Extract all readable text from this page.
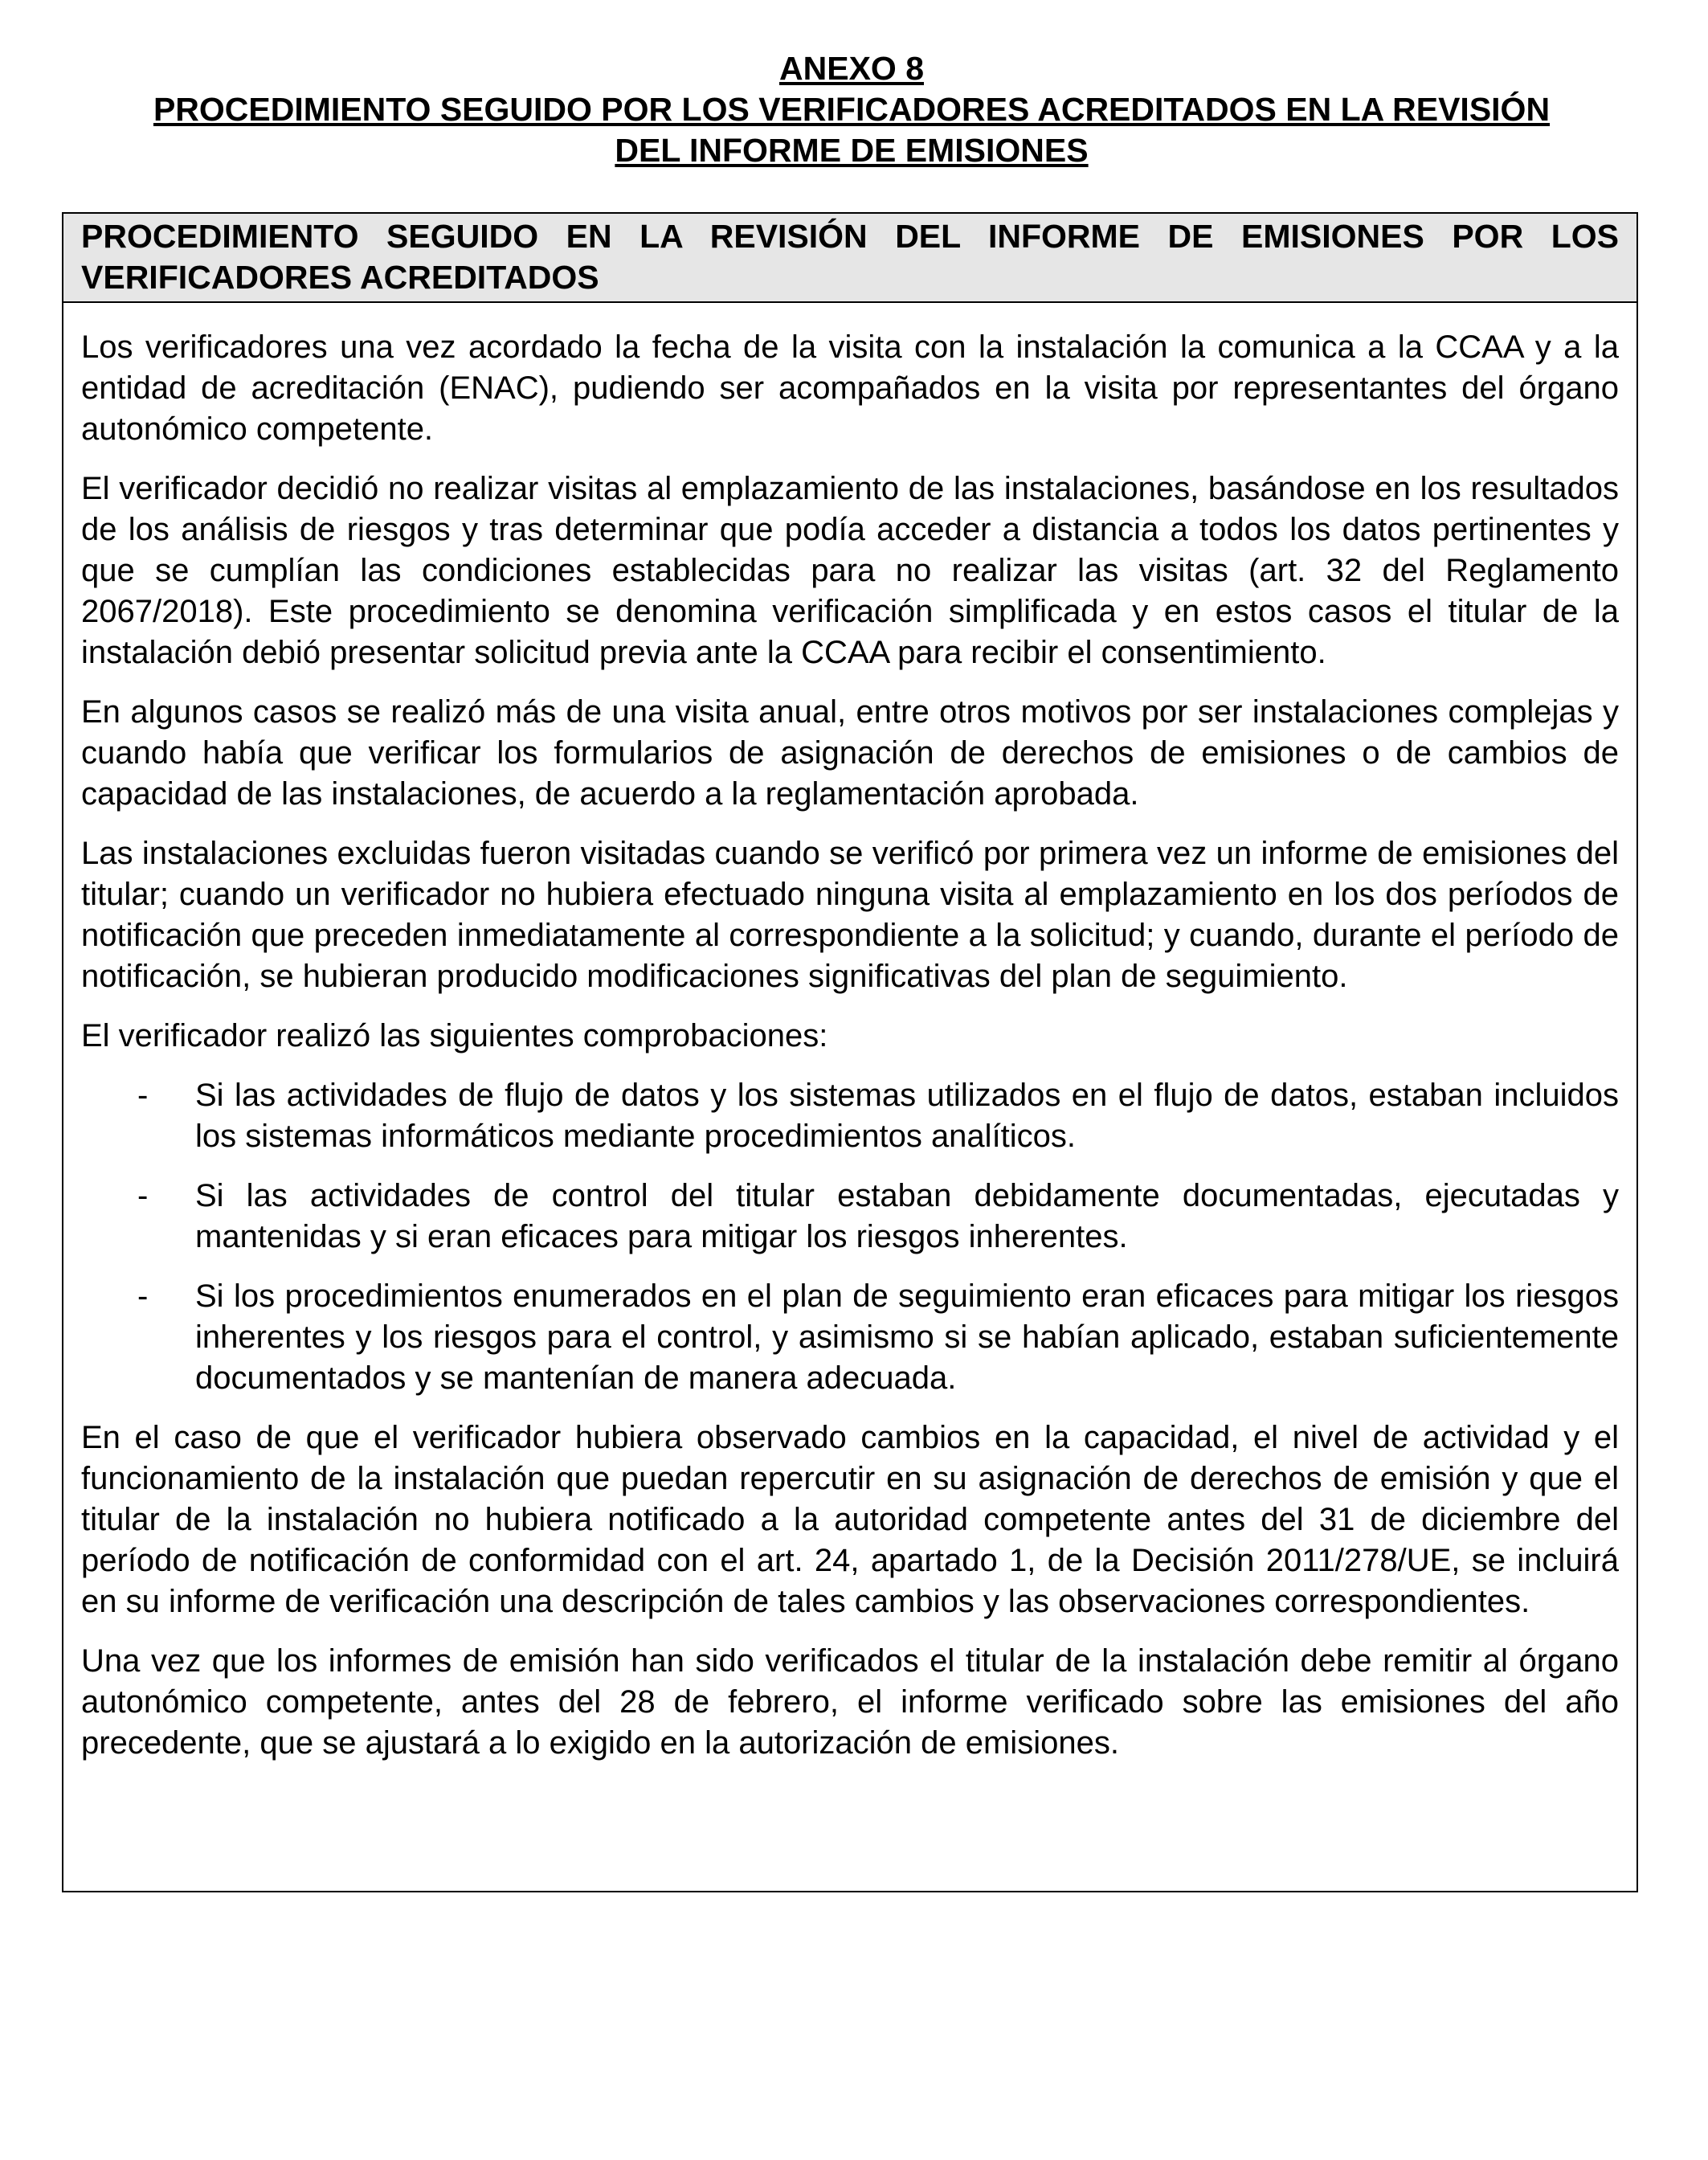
ANEXO 8

PROCEDIMIENTO SEGUIDO POR LOS VERIFICADORES ACREDITADOS EN LA REVISIÓN

DEL INFORME DE EMISIONES

PROCEDIMIENTO SEGUIDO EN LA REVISIÓN DEL INFORME DE EMISIONES POR LOS VERIFICADORES ACREDITADOS

Los verificadores una vez acordado la fecha de la visita con la instalación la comunica a la CCAA y a la entidad de acreditación (ENAC), pudiendo ser acompañados en la visita por representantes del órgano autonómico competente.

El verificador decidió no realizar visitas al emplazamiento de las instalaciones, basándose en los resultados de los análisis de riesgos y tras determinar que podía acceder a distancia a todos los datos pertinentes y que se cumplían las condiciones establecidas para no realizar las visitas (art. 32 del Reglamento 2067/2018). Este procedimiento se denomina verificación simplificada y en estos casos el titular de la instalación debió presentar solicitud previa ante la CCAA para recibir el consentimiento.

En algunos casos se realizó más de una visita anual, entre otros motivos por ser instalaciones complejas y cuando había que verificar los formularios de asignación de derechos de emisiones o de cambios de capacidad de las instalaciones, de acuerdo a la reglamentación aprobada.

Las instalaciones excluidas fueron visitadas cuando se verificó por primera vez un informe de emisiones del titular; cuando un verificador no hubiera efectuado ninguna visita al emplazamiento en los dos períodos de notificación que preceden inmediatamente al correspondiente a la solicitud; y cuando, durante el período de notificación, se hubieran producido modificaciones significativas del plan de seguimiento.

El verificador realizó las siguientes comprobaciones:

- Si las actividades de flujo de datos y los sistemas utilizados en el flujo de datos, estaban incluidos los sistemas informáticos mediante procedimientos analíticos.
- Si las actividades de control del titular estaban debidamente documentadas, ejecutadas y mantenidas y si eran eficaces para mitigar los riesgos inherentes.
- Si los procedimientos enumerados en el plan de seguimiento eran eficaces para mitigar los riesgos inherentes y los riesgos para el control, y asimismo si se habían aplicado, estaban suficientemente documentados y se mantenían de manera adecuada.

En el caso de que el verificador hubiera observado cambios en la capacidad, el nivel de actividad y el funcionamiento de la instalación que puedan repercutir en su asignación de derechos de emisión y que el titular de la instalación no hubiera notificado a la autoridad competente antes del 31 de diciembre del período de notificación de conformidad con el art. 24, apartado 1, de la Decisión 2011/278/UE, se incluirá en su informe de verificación una descripción de tales cambios y las observaciones correspondientes.

Una vez que los informes de emisión han sido verificados el titular de la instalación debe remitir al órgano autonómico competente, antes del 28 de febrero, el informe verificado sobre las emisiones del año precedente, que se ajustará a lo exigido en la autorización de emisiones.
